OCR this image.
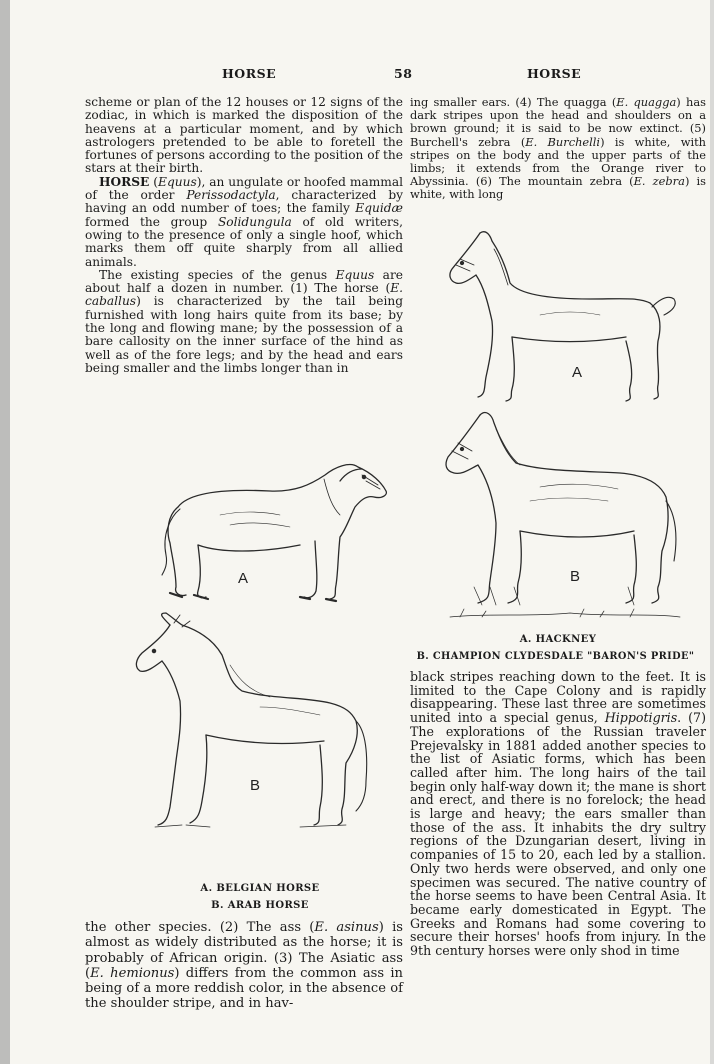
HORSE	58	HORSE

scheme or plan of the 12 houses or 12 signs of the zodiac, in which is marked the disposition of the heavens at a particular moment, and by which astrologers pretended to be able to foretell the fortunes of persons according to the position of the stars at their birth.

HORSE (Equus), an ungulate or hoofed mammal of the order Perissodactyla, characterized by having an odd number of toes; the family Equidæ formed the group Solidungula of old writers, owing to the presence of only a single hoof, which marks them off quite sharply from all allied animals.

The existing species of the genus Equus are about half a dozen in number. (1) The horse (E. caballus) is characterized by the tail being furnished with long hairs quite from its base; by the long and flowing mane; by the possession of a bare callosity on the inner surface of the hind as well as of the fore legs; and by the head and ears being smaller and the limbs longer than in

A
B
A. BELGIAN HORSE
B. ARAB HORSE

the other species. (2) The ass (E. asinus) is almost as widely distributed as the horse; it is probably of African origin. (3) The Asiatic ass (E. hemionus) differs from the common ass in being of a more reddish color, in the absence of the shoulder stripe, and in hav-

ing smaller ears. (4) The quagga (E. quagga) has dark stripes upon the head and shoulders on a brown ground; it is said to be now extinct. (5) Burchell's zebra (E. Burchelli) is white, with stripes on the body and the upper parts of the limbs; it extends from the Orange river to Abyssinia. (6) The mountain zebra (E. zebra) is white, with long

A
B
A. HACKNEY
B. CHAMPION CLYDESDALE "BARON'S PRIDE"

black stripes reaching down to the feet. It is limited to the Cape Colony and is rapidly disappearing. These last three are sometimes united into a special genus, Hippotigris. (7) The explorations of the Russian traveler Prejevalsky in 1881 added another species to the list of Asiatic forms, which has been called after him. The long hairs of the tail begin only half-way down it; the mane is short and erect, and there is no forelock; the head is large and heavy; the ears smaller than those of the ass. It inhabits the dry sultry regions of the Dzungarian desert, living in companies of 15 to 20, each led by a stallion. Only two herds were observed, and only one specimen was secured. The native country of the horse seems to have been Central Asia. It became early domesticated in Egypt. The Greeks and Romans had some covering to secure their horses' hoofs from injury. In the 9th century horses were only shod in time
